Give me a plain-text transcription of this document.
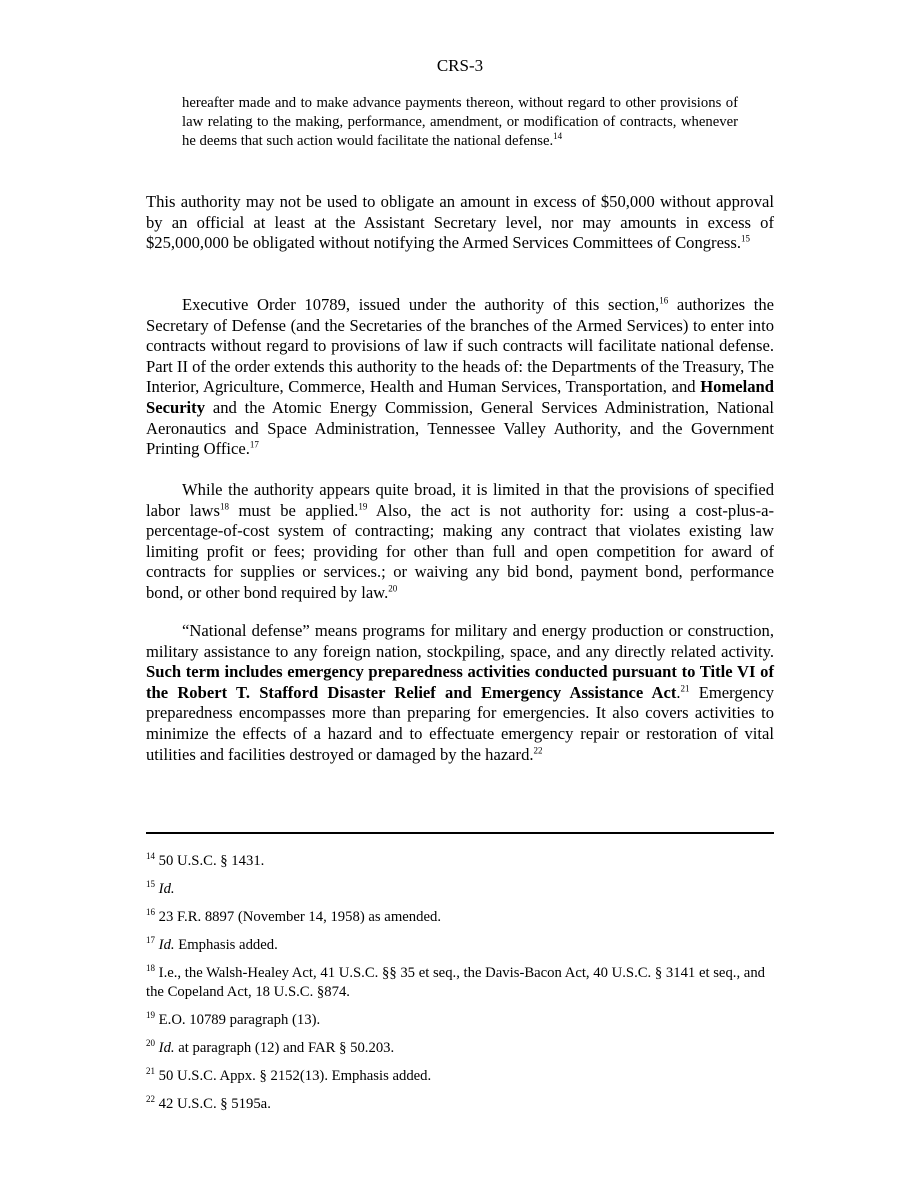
CRS-3

hereafter made and to make advance payments thereon, without regard to other provisions of law relating to the making, performance, amendment, or modification of contracts, whenever he deems that such action would facilitate the national defense.$^{14}$

This authority may not be used to obligate an amount in excess of $50,000 without approval by an official at least at the Assistant Secretary level, nor may amounts in excess of $25,000,000 be obligated without notifying the Armed Services Committees of Congress.$^{15}$

Executive Order 10789, issued under the authority of this section,$^{16}$ authorizes the Secretary of Defense (and the Secretaries of the branches of the Armed Services) to enter into contracts without regard to provisions of law if such contracts will facilitate national defense. Part II of the order extends this authority to the heads of: the Departments of the Treasury, The Interior, Agriculture, Commerce, Health and Human Services, Transportation, and Homeland Security and the Atomic Energy Commission, General Services Administration, National Aeronautics and Space Administration, Tennessee Valley Authority, and the Government Printing Office.$^{17}$

While the authority appears quite broad, it is limited in that the provisions of specified labor laws$^{18}$ must be applied.$^{19}$ Also, the act is not authority for: using a cost-plus-a-percentage-of-cost system of contracting; making any contract that violates existing law limiting profit or fees; providing for other than full and open competition for award of contracts for supplies or services.; or waiving any bid bond, payment bond, performance bond, or other bond required by law.$^{20}$

“National defense” means programs for military and energy production or construction, military assistance to any foreign nation, stockpiling, space, and any directly related activity. Such term includes emergency preparedness activities conducted pursuant to Title VI of the Robert T. Stafford Disaster Relief and Emergency Assistance Act.$^{21}$ Emergency preparedness encompasses more than preparing for emergencies. It also covers activities to minimize the effects of a hazard and to effectuate emergency repair or restoration of vital utilities and facilities destroyed or damaged by the hazard.$^{22}$

$^{14}$ 50 U.S.C. § 1431.

$^{15}$ Id.

$^{16}$ 23 F.R. 8897 (November 14, 1958) as amended.

$^{17}$ Id. Emphasis added.

$^{18}$ I.e., the Walsh-Healey Act, 41 U.S.C. §§ 35 et seq., the Davis-Bacon Act, 40 U.S.C. § 3141 et seq., and the Copeland Act, 18 U.S.C. §874.

$^{19}$ E.O. 10789 paragraph (13).

$^{20}$ Id. at paragraph (12) and FAR § 50.203.

$^{21}$ 50 U.S.C. Appx. § 2152(13). Emphasis added.

$^{22}$ 42 U.S.C. § 5195a.
